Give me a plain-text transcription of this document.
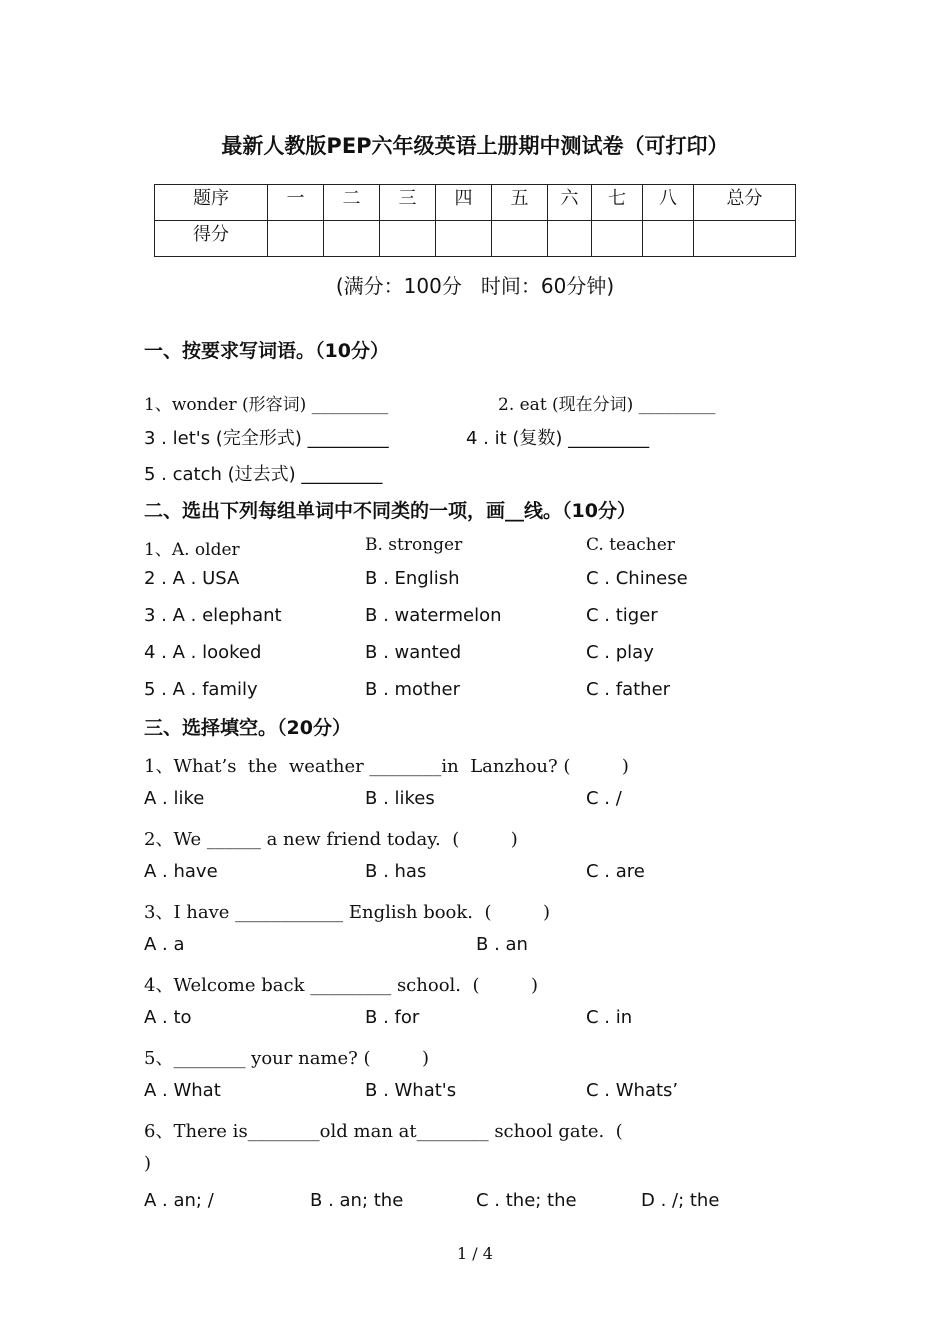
最新人教版PEP六年级英语上册期中测试卷（可打印）
题序	一	二	三	四	五	六	七	八	总分
得分									
(满分：100分   时间：60分钟)
一、按要求写词语。（10分）
1、wonder (形容词) _________	2. eat (现在分词) _________
3 . let's (完全形式) _________	4 . it (复数) _________
5 . catch (过去式) _________
二、选出下列每组单词中不同类的一项，画__线。（10分）
1、A. older	B. stronger	C. teacher
2 . A . USA	B . English	C . Chinese
3 . A . elephant	B . watermelon	C . tiger
4 . A . looked	B . wanted	C . play
5 . A . family	B . mother	C . father
三、选择填空。（20分）
1、What’s  the  weather ________in  Lanzhou? (         )
A . like	B . likes	C . /
2、We ______ a new friend today.  (         )
A . have	B . has	C . are
3、I have ____________ English book.  (         )
A . a	B . an
4、Welcome back _________ school.  (         )
A . to	B . for	C . in
5、________ your name? (         )
A . What	B . What's	C . Whats’
6、There is________old man at________ school gate.  (
)
A . an; /	B . an; the	C . the; the	D . /; the
1 / 4
